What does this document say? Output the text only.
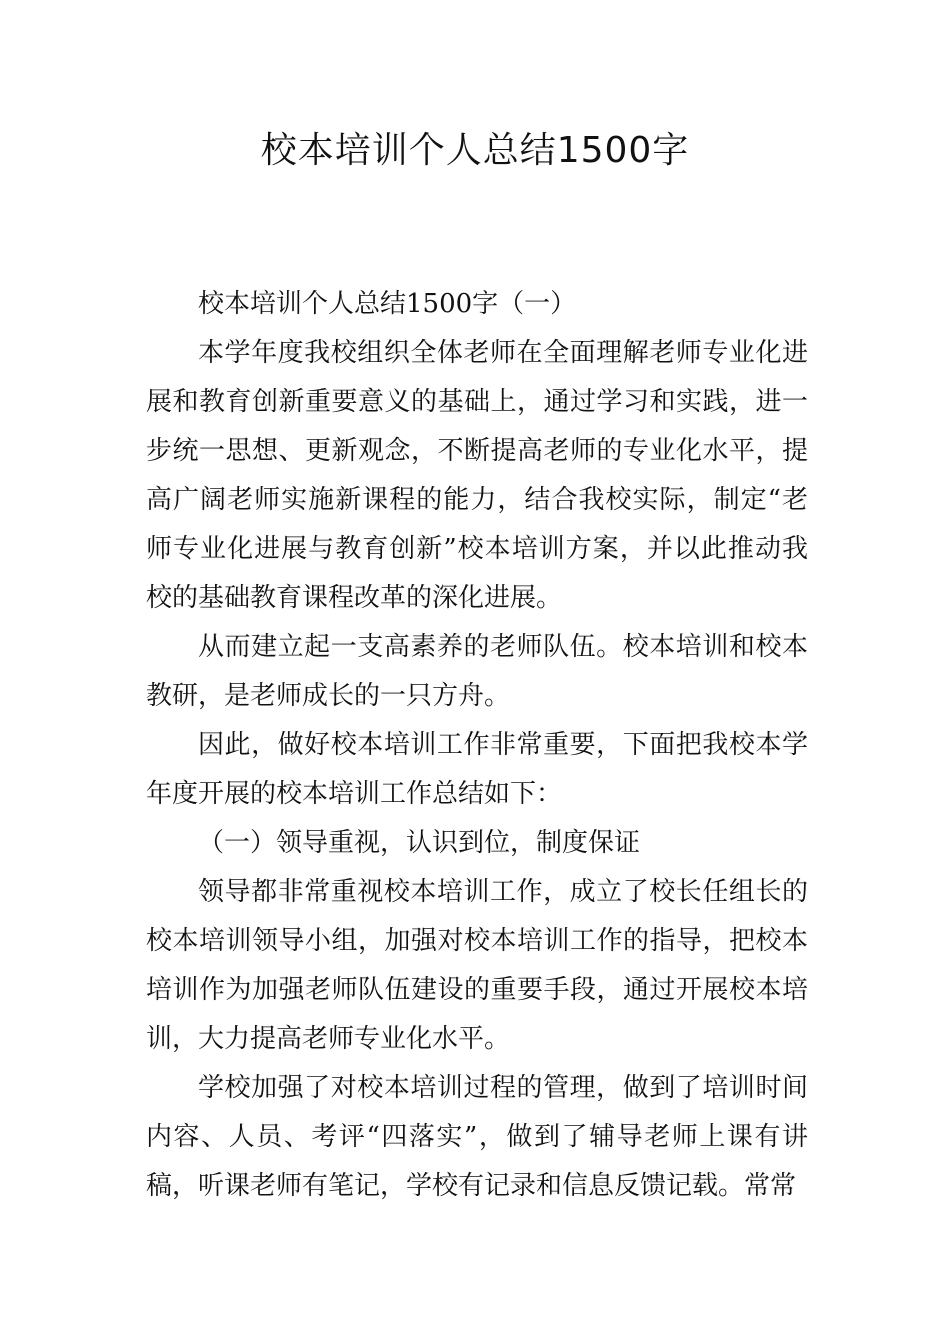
校本培训个人总结1500字

校本培训个人总结1500字（一）

本学年度我校组织全体老师在全面理解老师专业化进展和教育创新重要意义的基础上，通过学习和实践，进一步统一思想、更新观念，不断提高老师的专业化水平，提高广阔老师实施新课程的能力，结合我校实际，制定“老师专业化进展与教育创新”校本培训方案，并以此推动我校的基础教育课程改革的深化进展。

从而建立起一支高素养的老师队伍。校本培训和校本教研，是老师成长的一只方舟。

因此，做好校本培训工作非常重要，下面把我校本学年度开展的校本培训工作总结如下：

（一）领导重视，认识到位，制度保证

领导都非常重视校本培训工作，成立了校长任组长的校本培训领导小组，加强对校本培训工作的指导，把校本培训作为加强老师队伍建设的重要手段，通过开展校本培训，大力提高老师专业化水平。

学校加强了对校本培训过程的管理，做到了培训时间内容、人员、考评“四落实”，做到了辅导老师上课有讲稿，听课老师有笔记，学校有记录和信息反馈记载。常常
